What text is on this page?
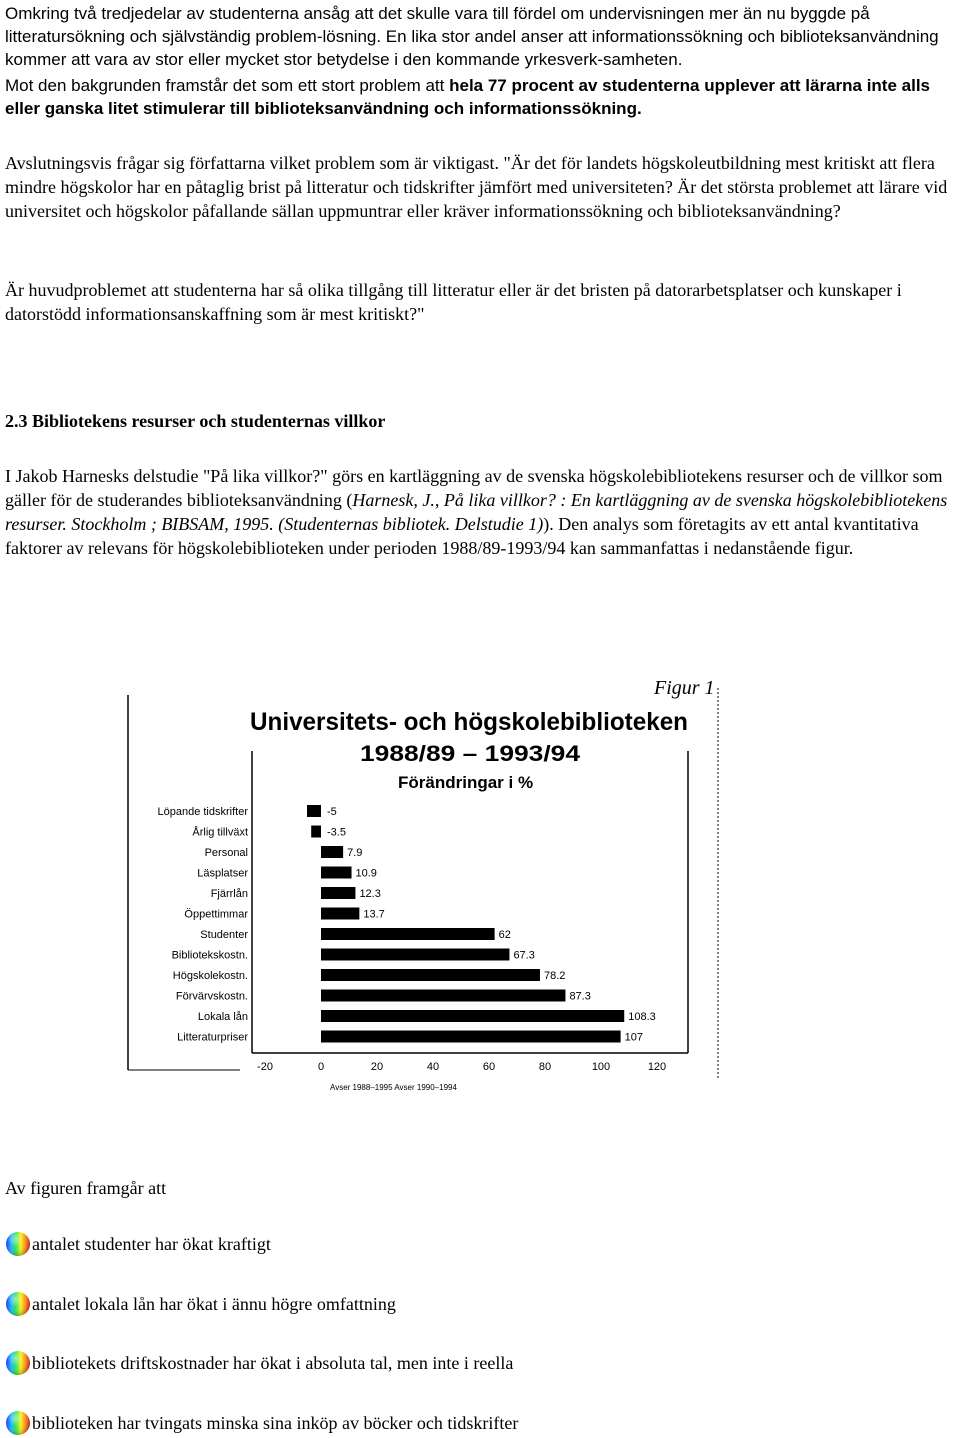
Omkring två tredjedelar av studenterna ansåg att det skulle vara till fördel om undervisningen mer än nu byggde på litteratursökning och självständig problem-lösning. En lika stor andel anser att informationssökning och biblioteksanvändning kommer att vara av stor eller mycket stor betydelse i den kommande yrkesverk-samheten.

Mot den bakgrunden framstår det som ett stort problem att hela 77 procent av studenterna upplever att lärarna inte alls eller ganska litet stimulerar till biblioteksanvändning och informationssökning.

Avslutningsvis frågar sig författarna vilket problem som är viktigast. "Är det för landets högskoleutbildning mest kritiskt att flera mindre högskolor har en påtaglig brist på litteratur och tidskrifter jämfört med universiteten? Är det största problemet att lärare vid universitet och högskolor påfallande sällan uppmuntrar eller kräver informationssökning och biblioteksanvändning?

Är huvudproblemet att studenterna har så olika tillgång till litteratur eller är det bristen på datorarbetsplatser och kunskaper i datorstödd informationsanskaffning som är mest kritiskt?"

2.3 Bibliotekens resurser och studenternas villkor

I Jakob Harnesks delstudie "På lika villkor?" görs en kartläggning av de svenska högskolebibliotekens resurser och de villkor som gäller för de studerandes biblioteksanvändning (Harnesk, J., På lika villkor? : En kartläggning av de svenska högskolebibliotekens resurser. Stockholm ; BIBSAM, 1995. (Studenternas bibliotek. Delstudie 1)). Den analys som företagits av ett antal kvantitativa faktorer av relevans för högskolebiblioteken under perioden 1988/89-1993/94 kan sammanfattas i nedanstående figur.

Figur 1
Universitets- och högskolebiblioteken
1988/89 – 1993/94
Förändringar i %
Löpande tidskrifter
Årlig tillväxt
Personal
Läsplatser
Fjärrlån
Öppettimmar
Studenter
Bibliotekskostn.
Högskolekostn.
Förvärvskostn.
Lokala lån
Litteraturpriser
-5
-3.5
7.9
10.9
12.3
13.7
62
67.3
78.2
87.3
108.3
107
-20	0	20	40	60	80	100	120
Avser 1988–1995 Avser 1990–1994

Av figuren framgår att

antalet studenter har ökat kraftigt
antalet lokala lån har ökat i ännu högre omfattning
bibliotekets driftskostnader har ökat i absoluta tal, men inte i reella
biblioteken har tvingats minska sina inköp av böcker och tidskrifter
